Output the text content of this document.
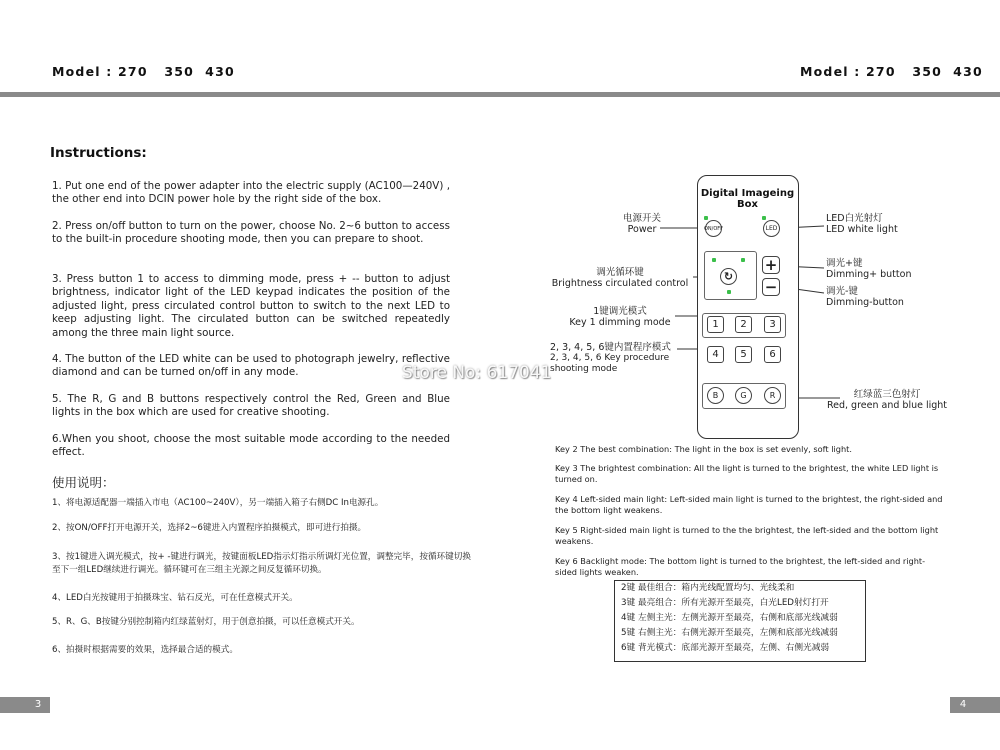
Model : 270   350  430	Model : 270   350  430
Instructions:
1. Put one end of the power adapter into the electric supply (AC100—240V) , the other end into DCIN power hole by the right side of the box.
2. Press on/off button to turn on the power, choose No. 2~6 button to access to the built-in procedure shooting mode, then you can prepare to shoot.
3. Press button 1 to access to dimming mode, press + -- button to adjust brightness, indicator light of the LED keypad indicates the position of the adjusted light, press circulated control button to switch to the next LED to keep adjusting light. The circulated button can be switched repeatedly among the three main light source.
4. The button of the LED white can be used to photograph jewelry, reflective diamond and can be turned on/off in any mode.
5. The R, G and B buttons respectively control the Red, Green and Blue lights in the box which are used for creative shooting.
6.When you shoot, choose the most suitable mode according to the needed effect.
使用说明：
1、将电源适配器一端插入市电（AC100~240V），另一端插入箱子右侧DC In电源孔。
2、按ON/OFF打开电源开关，选择2~6键进入内置程序拍摄模式，即可进行拍摄。
3、按1键进入调光模式，按+ -键进行调光，按键面板LED指示灯指示所调灯光位置，调整完毕，按循环键切换至下一组LED继续进行调光。循环键可在三组主光源之间反复循环切换。
4、LED白光按键用于拍摄珠宝、钻石反光，可在任意模式开关。
5、R、G、B按键分别控制箱内红绿蓝射灯，用于创意拍摄，可以任意模式开关。
6、拍摄时根据需要的效果，选择最合适的模式。
Digital Imageing Box
ON/OFF	LED
↻
+
−
1	2	3
4	5	6
B	G	R
电源开关
Power
LED白光射灯
LED white light
调光循环键
Brightness circulated control
调光+键
Dimming+ button
调光-键
Dimming-button
1键调光模式
Key 1 dimming mode
2, 3, 4, 5, 6键内置程序模式
2, 3, 4, 5, 6 Key procedure shooting mode
红绿蓝三色射灯
Red, green and blue light
Key 2 The best combination: The light in the box is set evenly, soft light.
Key 3 The brightest combination: All the light is turned to the brightest, the white LED light is turned on.
Key 4 Left-sided main light: Left-sided main light is turned to the brightest, the right-sided and the bottom light weakens.
Key 5 Right-sided main light is turned to the the brightest, the left-sided and the bottom light weakens.
Key 6 Backlight mode: The bottom light is turned to the brightest, the left-sided and right-sided lights weaken.
2键 最佳组合：箱内光线配置均匀、光线柔和
3键 最亮组合：所有光源开至最亮，白光LED射灯打开
4键 左侧主光：左侧光源开至最亮，右侧和底部光线减弱
5键 右侧主光：右侧光源开至最亮，左侧和底部光线减弱
6键 背光模式：底部光源开至最亮，左侧、右侧光减弱
Store No: 617041
3	4
